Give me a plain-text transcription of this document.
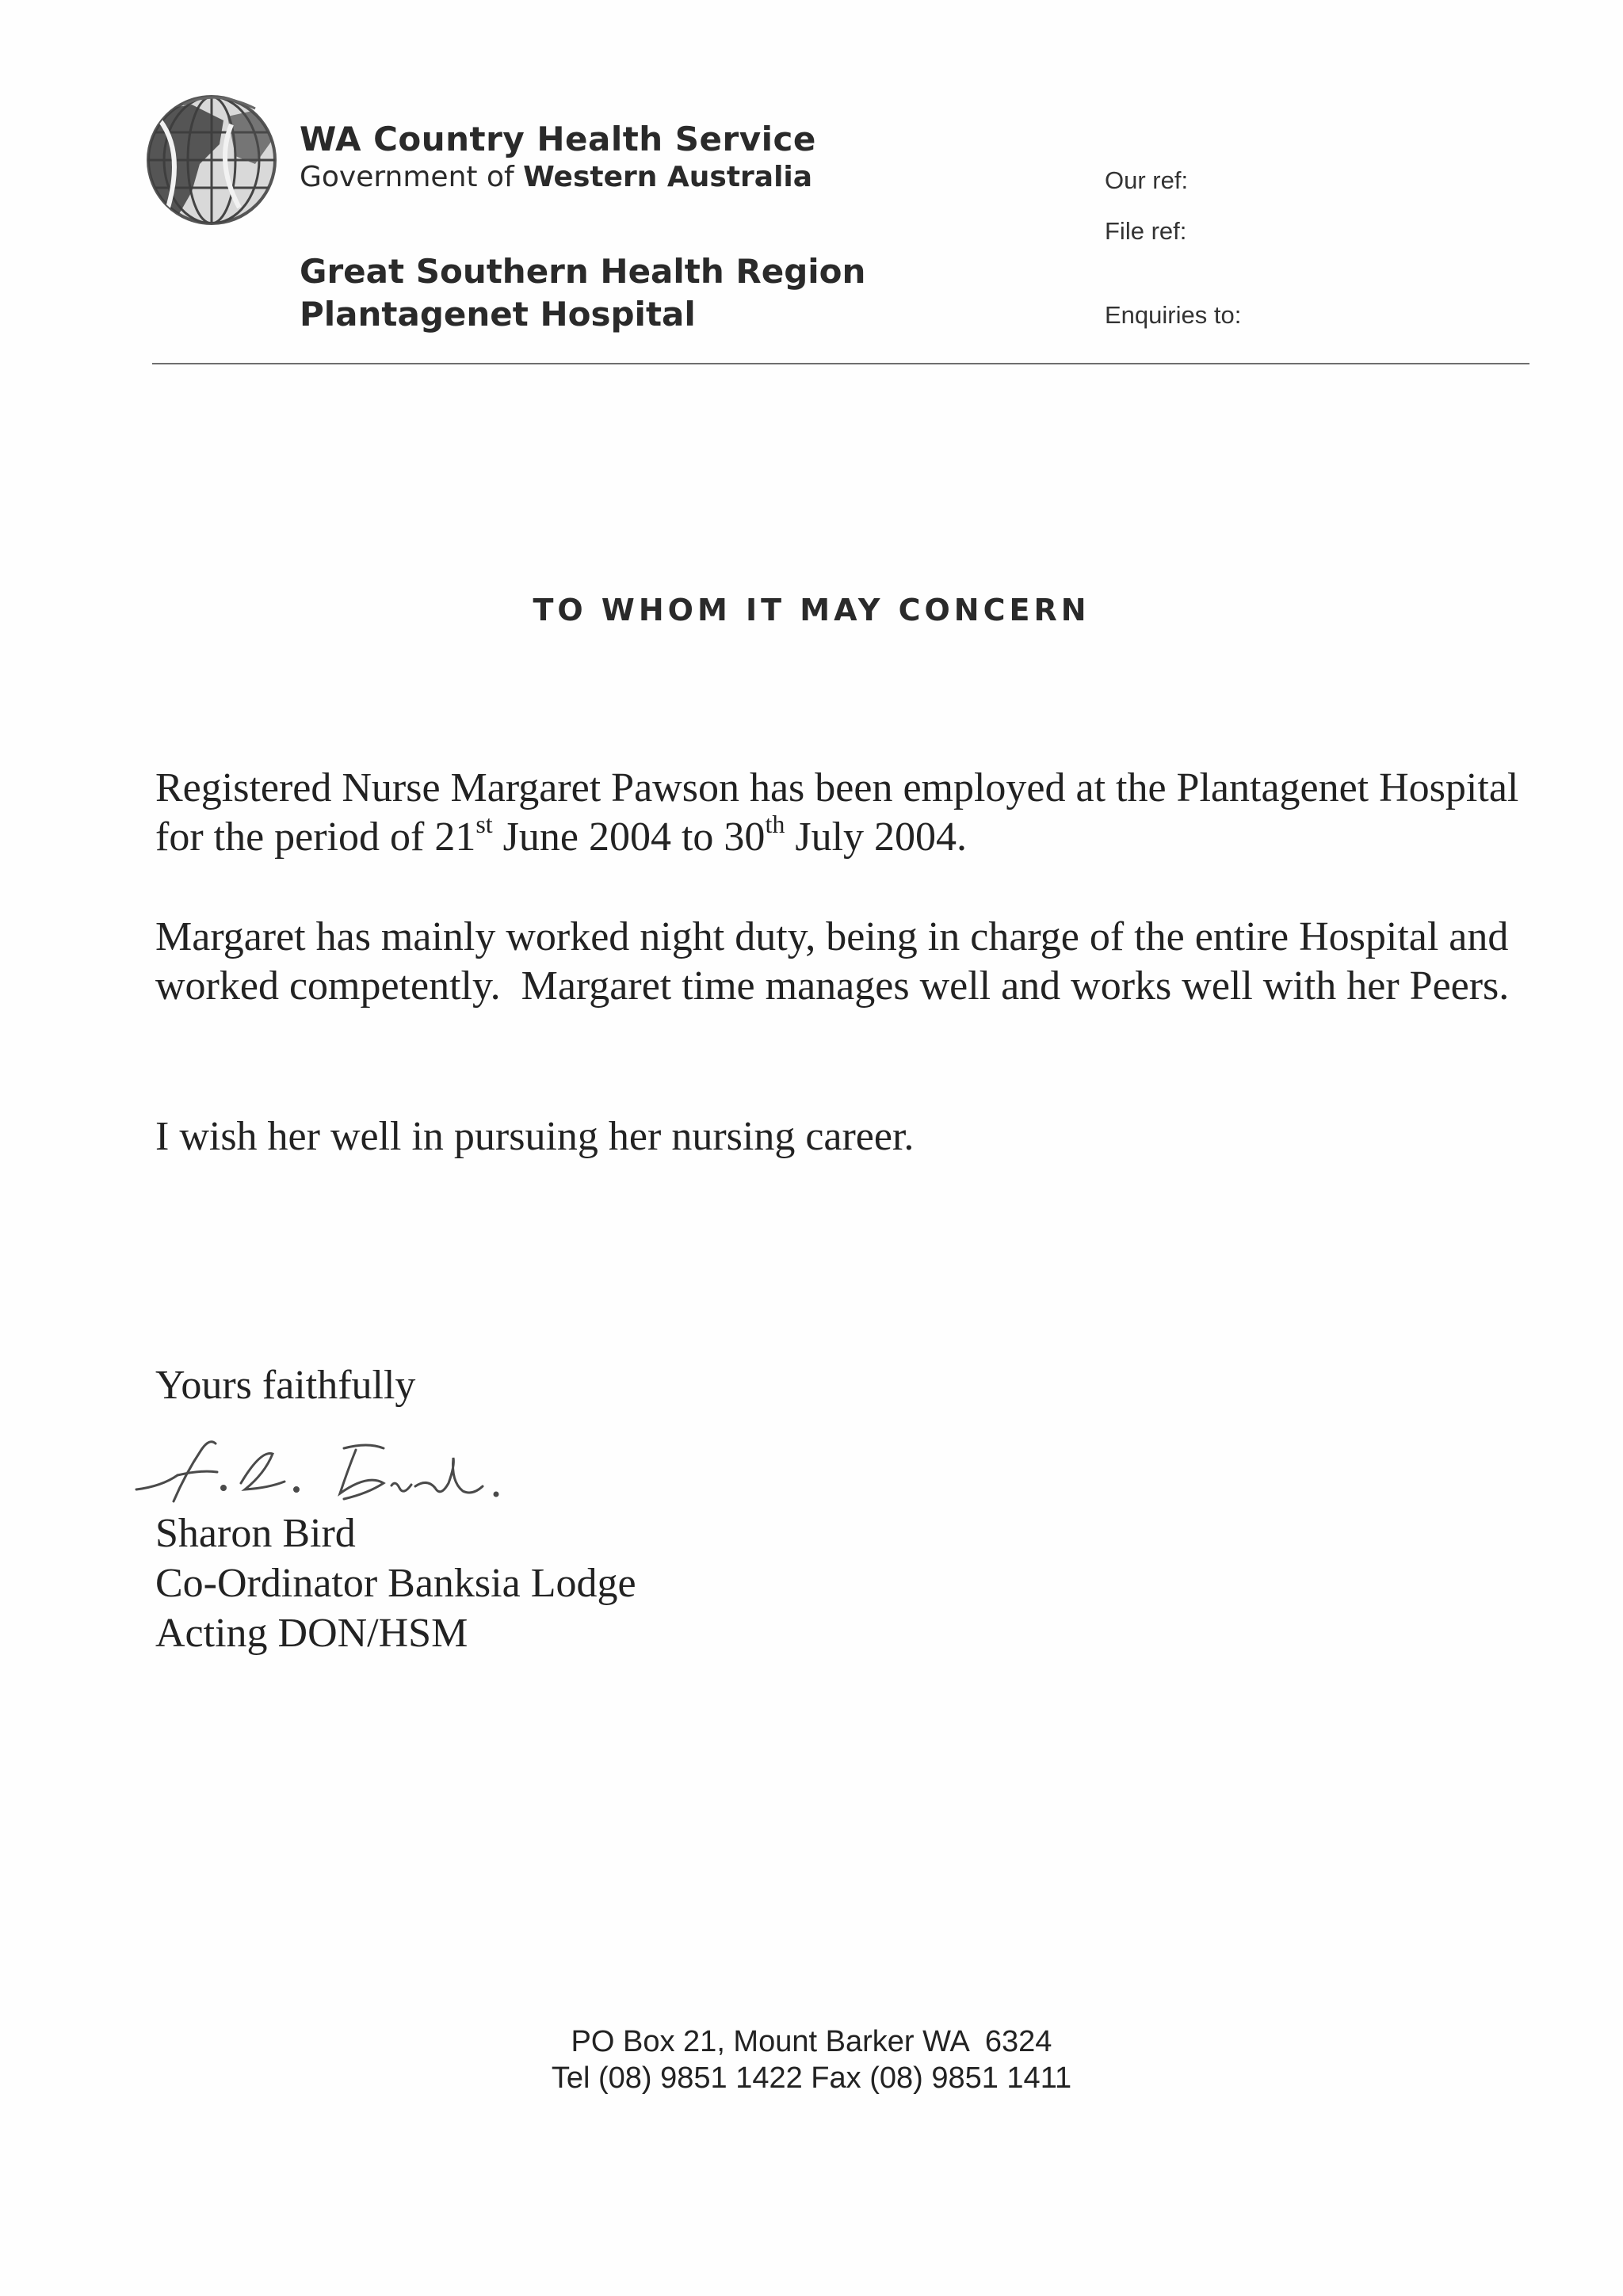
WA Country Health Service
Government of Western Australia
Great Southern Health Region
Plantagenet Hospital
Our ref:
File ref:
Enquiries to:
TO WHOM IT MAY CONCERN
Registered Nurse Margaret Pawson has been employed at the Plantagenet Hospital for the period of 21st June 2004 to 30th July 2004.
Margaret has mainly worked night duty, being in charge of the entire Hospital and worked competently.  Margaret time manages well and works well with her Peers.
I wish her well in pursuing her nursing career.
Yours faithfully
Sharon Bird
Co-Ordinator Banksia Lodge
Acting DON/HSM
PO Box 21, Mount Barker WA  6324
Tel (08) 9851 1422 Fax (08) 9851 1411
